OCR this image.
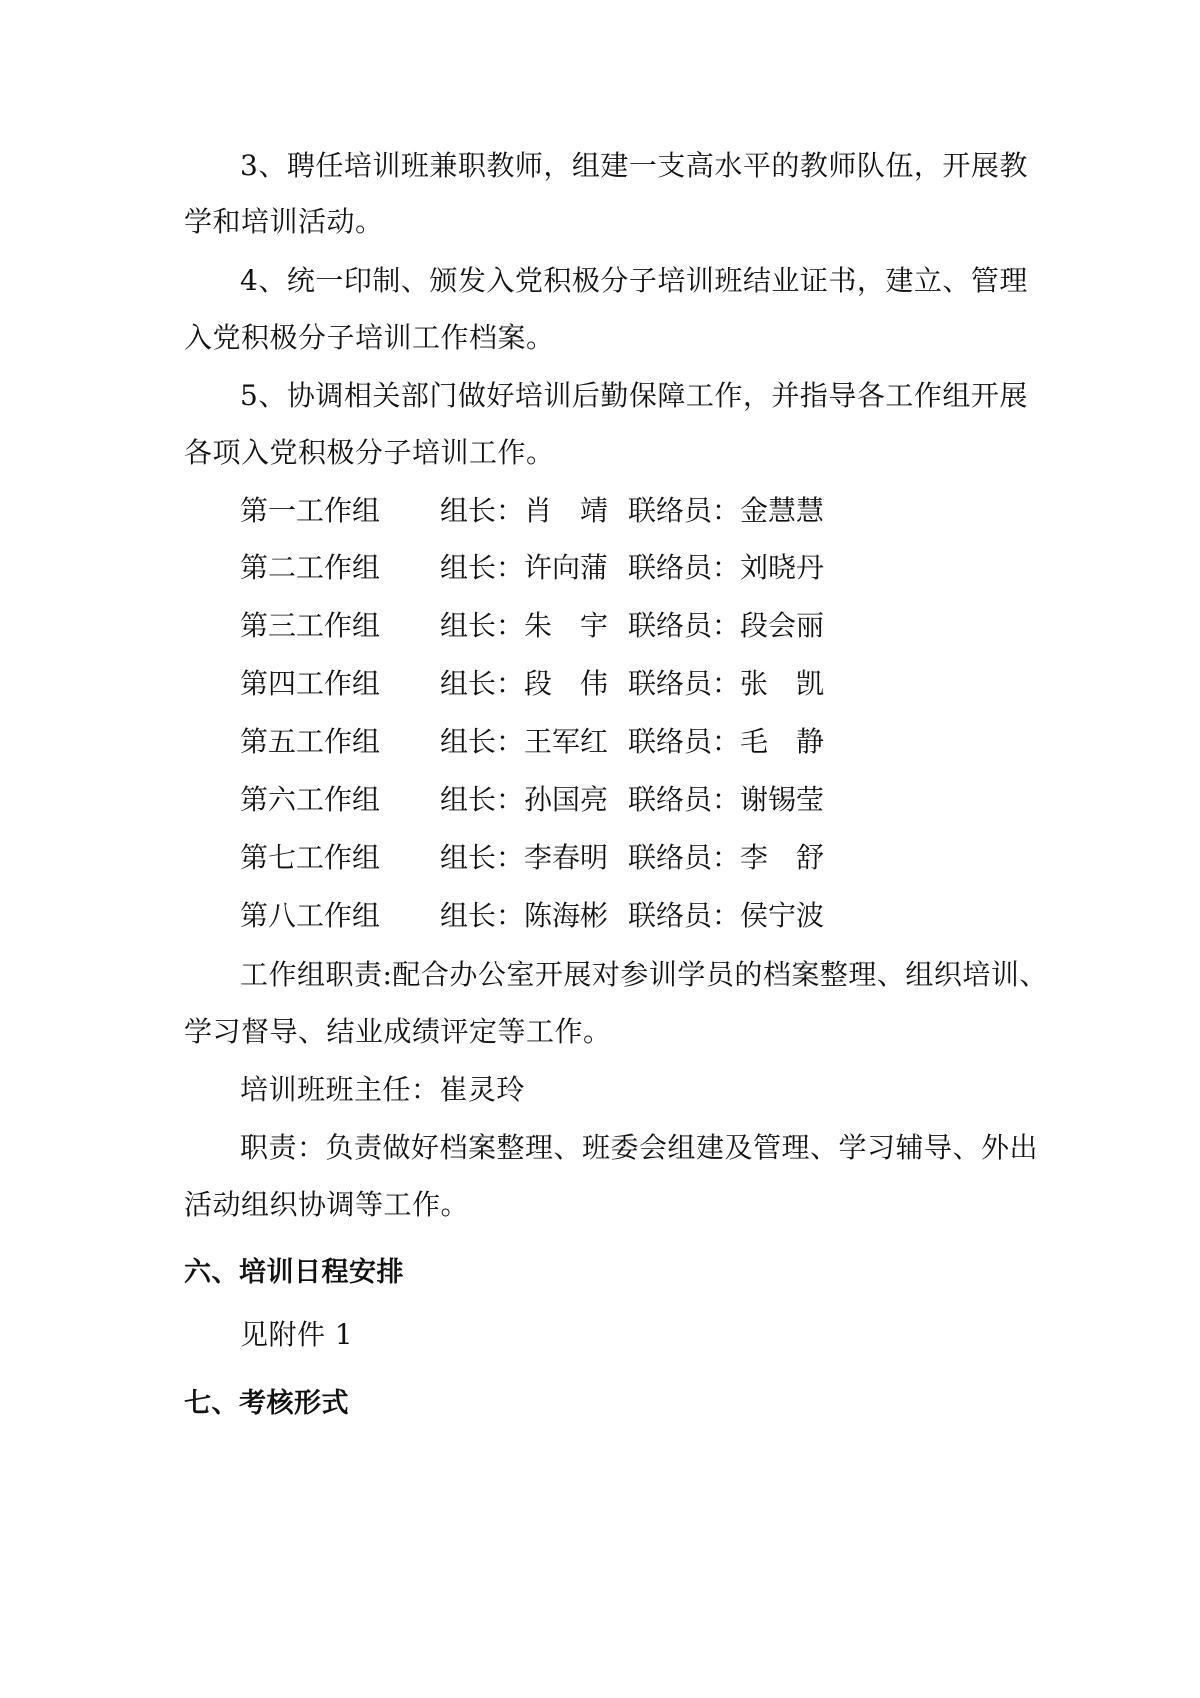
3、聘任培训班兼职教师，组建一支高水平的教师队伍，开展教
学和培训活动。
4、统一印制、颁发入党积极分子培训班结业证书，建立、管理
入党积极分子培训工作档案。
5、协调相关部门做好培训后勤保障工作，并指导各工作组开展
各项入党积极分子培训工作。
第一工作组 组长：肖　靖 联络员：金慧慧
第二工作组 组长：许向蒲 联络员：刘晓丹
第三工作组 组长：朱　宇 联络员：段会丽
第四工作组 组长：段　伟 联络员：张　凯
第五工作组 组长：王军红 联络员：毛　静
第六工作组 组长：孙国亮 联络员：谢锡莹
第七工作组 组长：李春明 联络员：李　舒
第八工作组 组长：陈海彬 联络员：侯宁波
工作组职责:配合办公室开展对参训学员的档案整理、组织培训、
学习督导、结业成绩评定等工作。
培训班班主任：崔灵玲
职责：负责做好档案整理、班委会组建及管理、学习辅导、外出
活动组织协调等工作。
六、培训日程安排
见附件 1
七、考核形式
